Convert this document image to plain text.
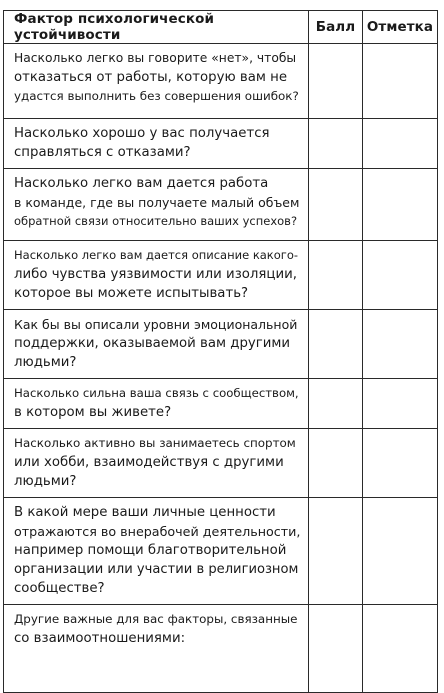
Фактор психологической устойчивости	Балл	Отметка

Насколько легко вы говорите «нет», чтобы
отказаться от работы, которую вам не
удастся выполнить без совершения ошибок?		

Насколько хорошо у вас получается
справляться с отказами?		

Насколько легко вам дается работа
в команде, где вы получаете малый объем
обратной связи относительно ваших успехов?		

Насколько легко вам дается описание какого-
либо чувства уязвимости или изоляции,
которое вы можете испытывать?		

Как бы вы описали уровни эмоциональной
поддержки, оказываемой вам другими
людьми?		

Насколько сильна ваша связь с сообществом,
в котором вы живете?		

Насколько активно вы занимаетесь спортом
или хобби, взаимодействуя с другими
людьми?		

В какой мере ваши личные ценности
отражаются во внерабочей деятельности,
например помощи благотворительной
организации или участии в религиозном
сообществе?		

Другие важные для вас факторы, связанные
со взаимоотношениями:		
